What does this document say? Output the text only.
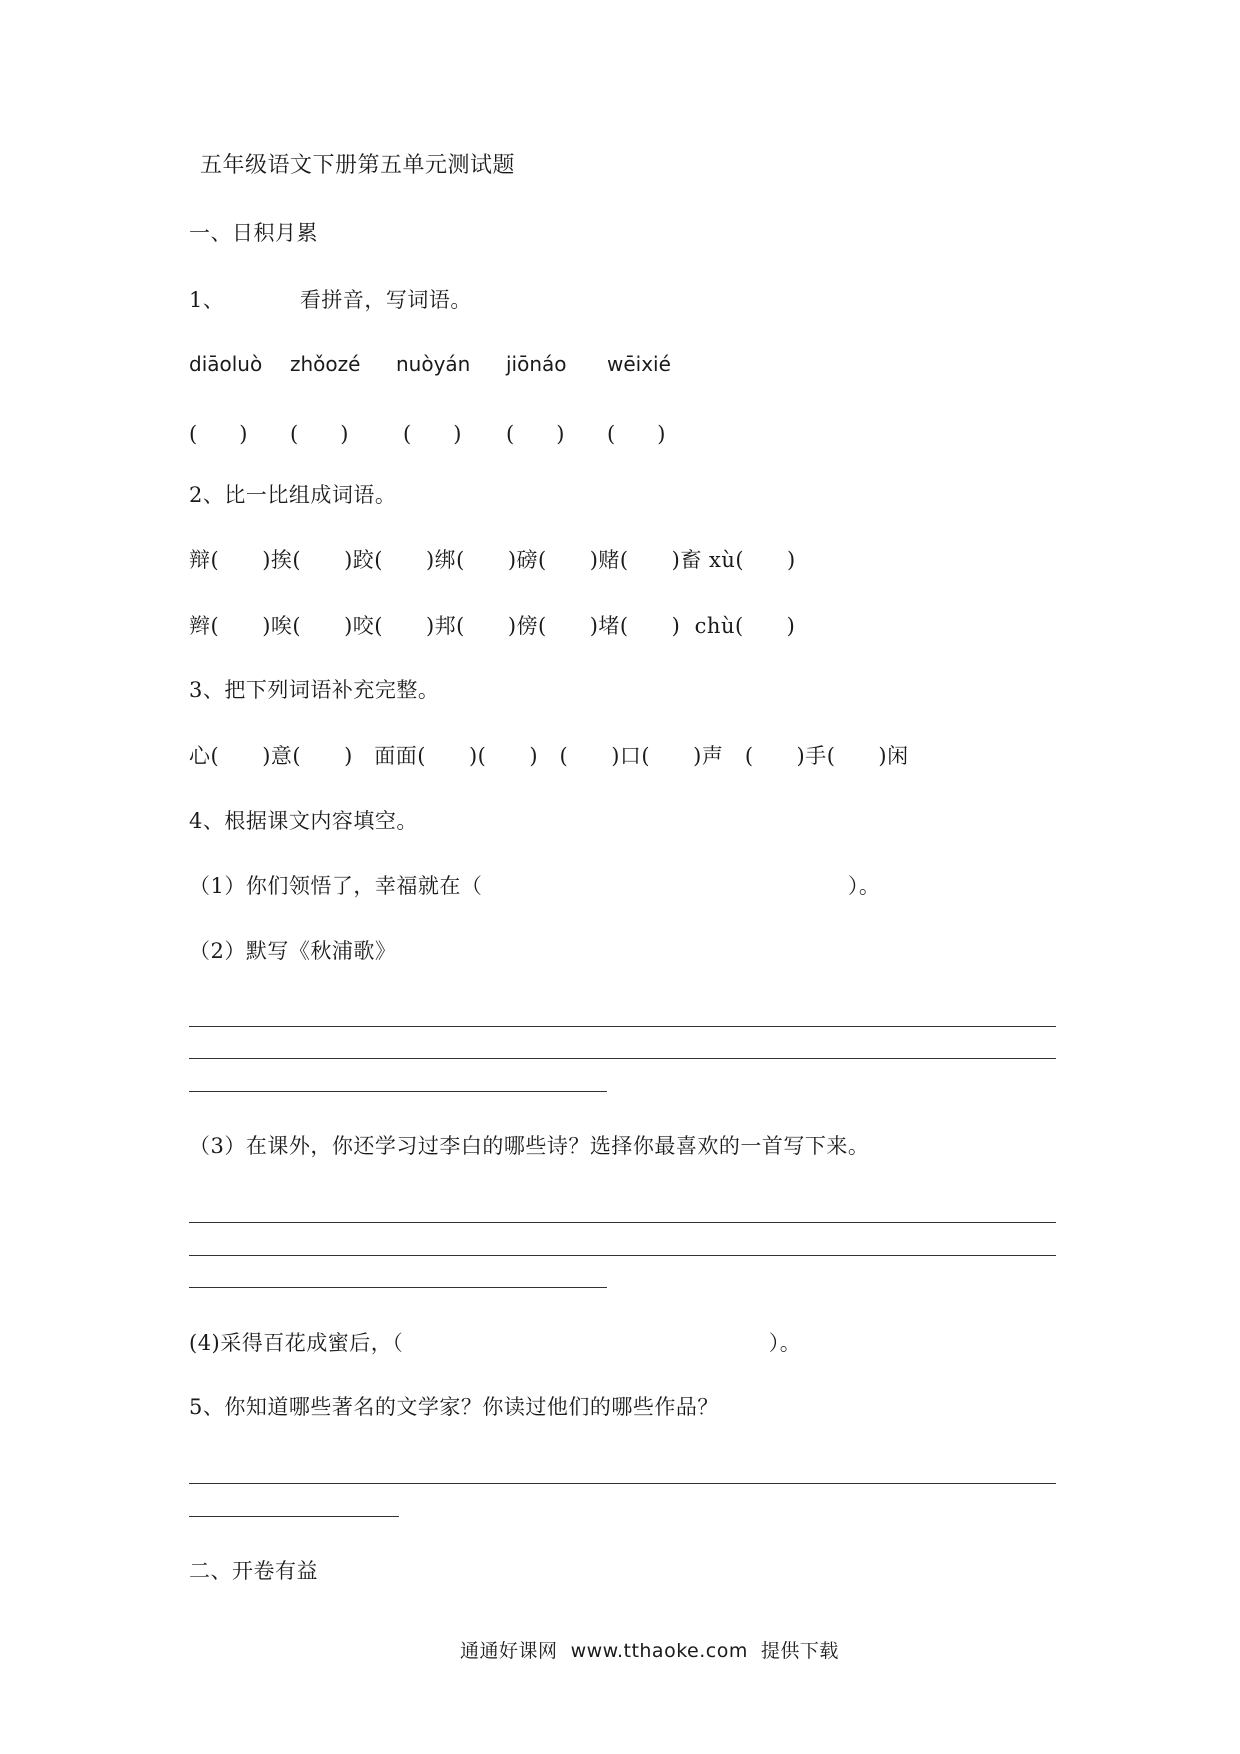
五年级语文下册第五单元测试题
一、日积月累
1、　　　　看拼音，写词语。
diāoluò zhǒozé nuòyán jiōnáo wēixié
(　　) (　　)	(　　) (　　) (　　)
2、比一比组成词语。
辩(　　)挨(　　)跤(　　)绑(　　)磅(　　)赌(　　)畜 xù(　　)
辫(　　)唉(　　)咬(　　)邦(　　)傍(　　)堵(　　)  chù(　　)
3、把下列词语补充完整。
心(　　)意(　　)　面面(　　)(　　)　(　　)口(　　)声　(　　)手(　　)闲
4、根据课文内容填空。
（1）你们领悟了，幸福就在（　　　　　　　　　　　　　　　　　）。
（2）默写《秋浦歌》
（3）在课外，你还学习过李白的哪些诗？选择你最喜欢的一首写下来。
(4)采得百花成蜜后，（　　　　　　　　　　　　　　　　　）。
5、你知道哪些著名的文学家？你读过他们的哪些作品？
二、开卷有益
通通好课网  www.tthaoke.com  提供下载
